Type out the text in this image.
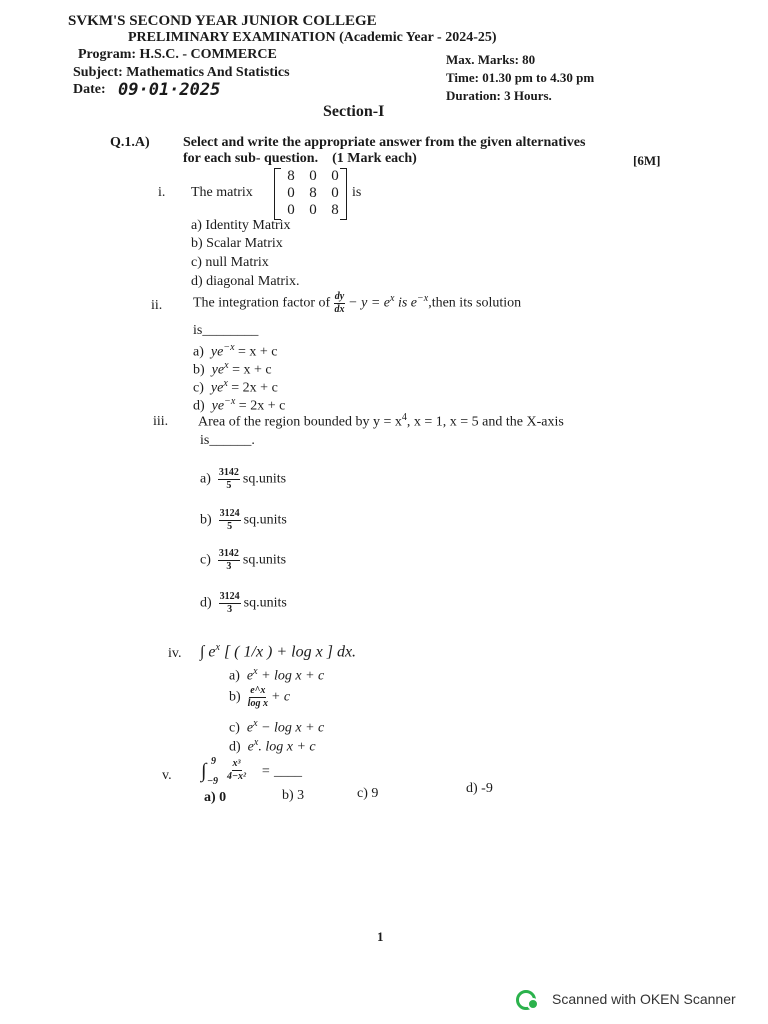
SVKM'S SECOND YEAR JUNIOR COLLEGE
PRELIMINARY EXAMINATION (Academic Year - 2024-25)
Program: H.S.C. - COMMERCE	Max. Marks: 80
Subject: Mathematics And Statistics	Time: 01.30 pm to 4.30 pm
Date: 09·01·2025	Duration: 3 Hours.
Section-I
Q.1.A) Select and write the appropriate answer from the given alternatives
for each sub- question.    (1 Mark each)	[6M]
i. The matrix
8 0 0
0 8 0
0 0 8
is
a) Identity Matrix
b) Scalar Matrix
c) null Matrix
d) diagonal Matrix.
ii. The integration factor of $\frac{dy}{dx} - y = e^x$ is $e^{-x},then$ its solution
is________
a) $ye^{-x} = x + c$
b) $ye^x = x + c$
c) $ye^x = 2x + c$
d) $ye^{-x} = 2x + c$
iii. Area of the region bounded by $y = x^4$, x = 1, x = 5 and the X-axis
is______.
$a) \frac{3142}{5}$ sq.units
$b) \frac{3124}{5}$ sq.units
$c) \frac{3142}{3}$ sq.units
$d) \frac{3124}{3}$ sq.units
iv. ∫ $e^x$ [ ( 1/x ) + log x ] dx.
a) $e^x + \log x + c$
$b) \frac{e\^{}x}{\text{log x}} + c$
c) $e^x - \log x + c$
d) $e^x$. log x + c
v. ∫ 9
$-9 \frac{\text{x³}}{\text{4−x²}}$ = ____
a) 0	b) 3	c) 9	d) -9
1
Scanned with OKEN Scanner
